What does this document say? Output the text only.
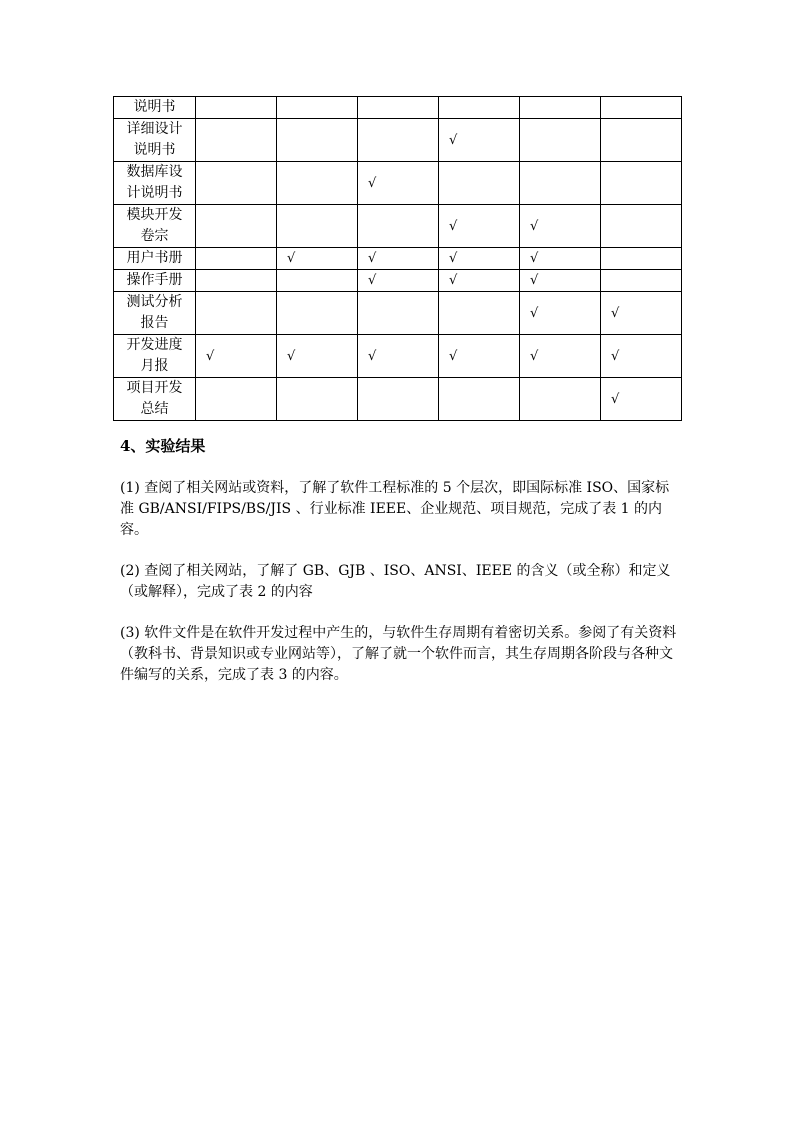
说明书						

详细设计
说明书				√		

数据库设
计说明书			√			

模块开发
卷宗				√	√	

用户书册		√	√	√	√	

操作手册			√	√	√	

测试分析
报告					√	√

开发进度
月报	√	√	√	√	√	√

项目开发
总结						√
4、实验结果

(1) 查阅了相关网站或资料，了解了软件工程标准的 5 个层次，即国际标准 ISO、国家标准 GB/ANSI/FIPS/BS/JIS 、行业标准 IEEE、企业规范、项目规范，完成了表 1 的内容。

(2) 查阅了相关网站，了解了 GB、GJB 、ISO、ANSI、IEEE 的含义（或全称）和定义（或解释），完成了表 2 的内容

(3) 软件文件是在软件开发过程中产生的，与软件生存周期有着密切关系。参阅了有关资料（教科书、背景知识或专业网站等），了解了就一个软件而言，其生存周期各阶段与各种文件编写的关系，完成了表 3 的内容。
